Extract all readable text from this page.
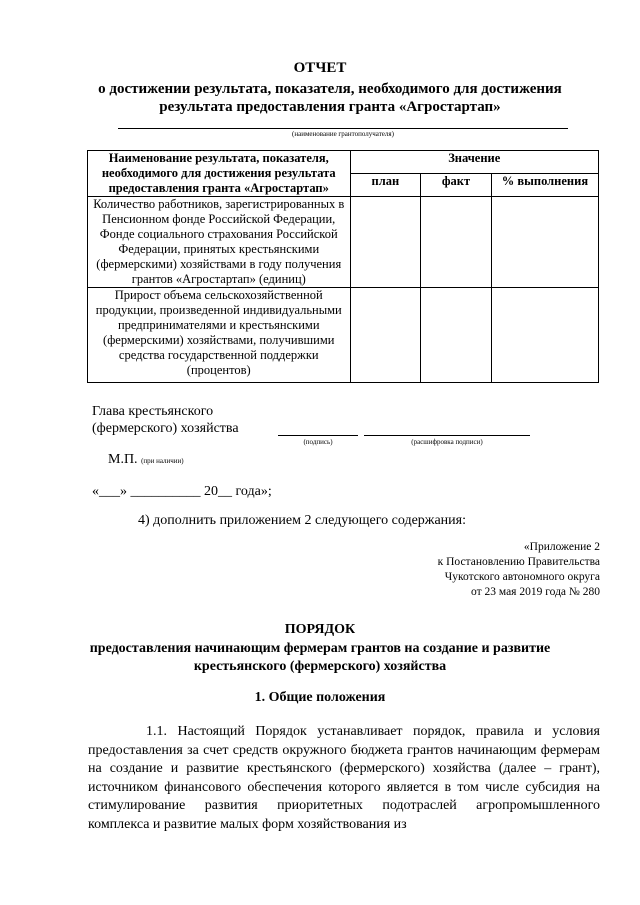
ОТЧЕТ
о достижении результата, показателя, необходимого для достижения результата предоставления гранта «Агростартап»
(наименование грантополучателя)
Наименование результата, показателя, необходимого для достижения результата предоставления гранта «Агростартап»	Значение		
	план	факт	% выполнения
Количество работников, зарегистрированных в Пенсионном фонде Российской Федерации, Фонде социального страхования Российской Федерации, принятых крестьянскими (фермерскими) хозяйствами в году получения грантов «Агростартап» (единиц)			
Прирост объема сельскохозяйственной продукции, произведенной индивидуальными предпринимателями и крестьянскими (фермерскими) хозяйствами, получившими средства государственной поддержки (процентов)			
Глава крестьянского
(фермерского) хозяйства
(подпись)	(расшифровка подписи)
М.П. (при наличии)
«___» __________ 20__ года»;
4) дополнить приложением 2 следующего содержания:
«Приложение 2
к Постановлению Правительства
Чукотского автономного округа
от 23 мая 2019 года № 280
ПОРЯДОК
предоставления начинающим фермерам грантов на создание и развитие крестьянского (фермерского) хозяйства
1. Общие положения
1.1. Настоящий Порядок устанавливает порядок, правила и условия предоставления за счет средств окружного бюджета грантов начинающим фермерам на создание и развитие крестьянского (фермерского) хозяйства (далее – грант), источником финансового обеспечения которого является в том числе субсидия на стимулирование развития приоритетных подотраслей агропромышленного комплекса и развитие малых форм хозяйствования из
